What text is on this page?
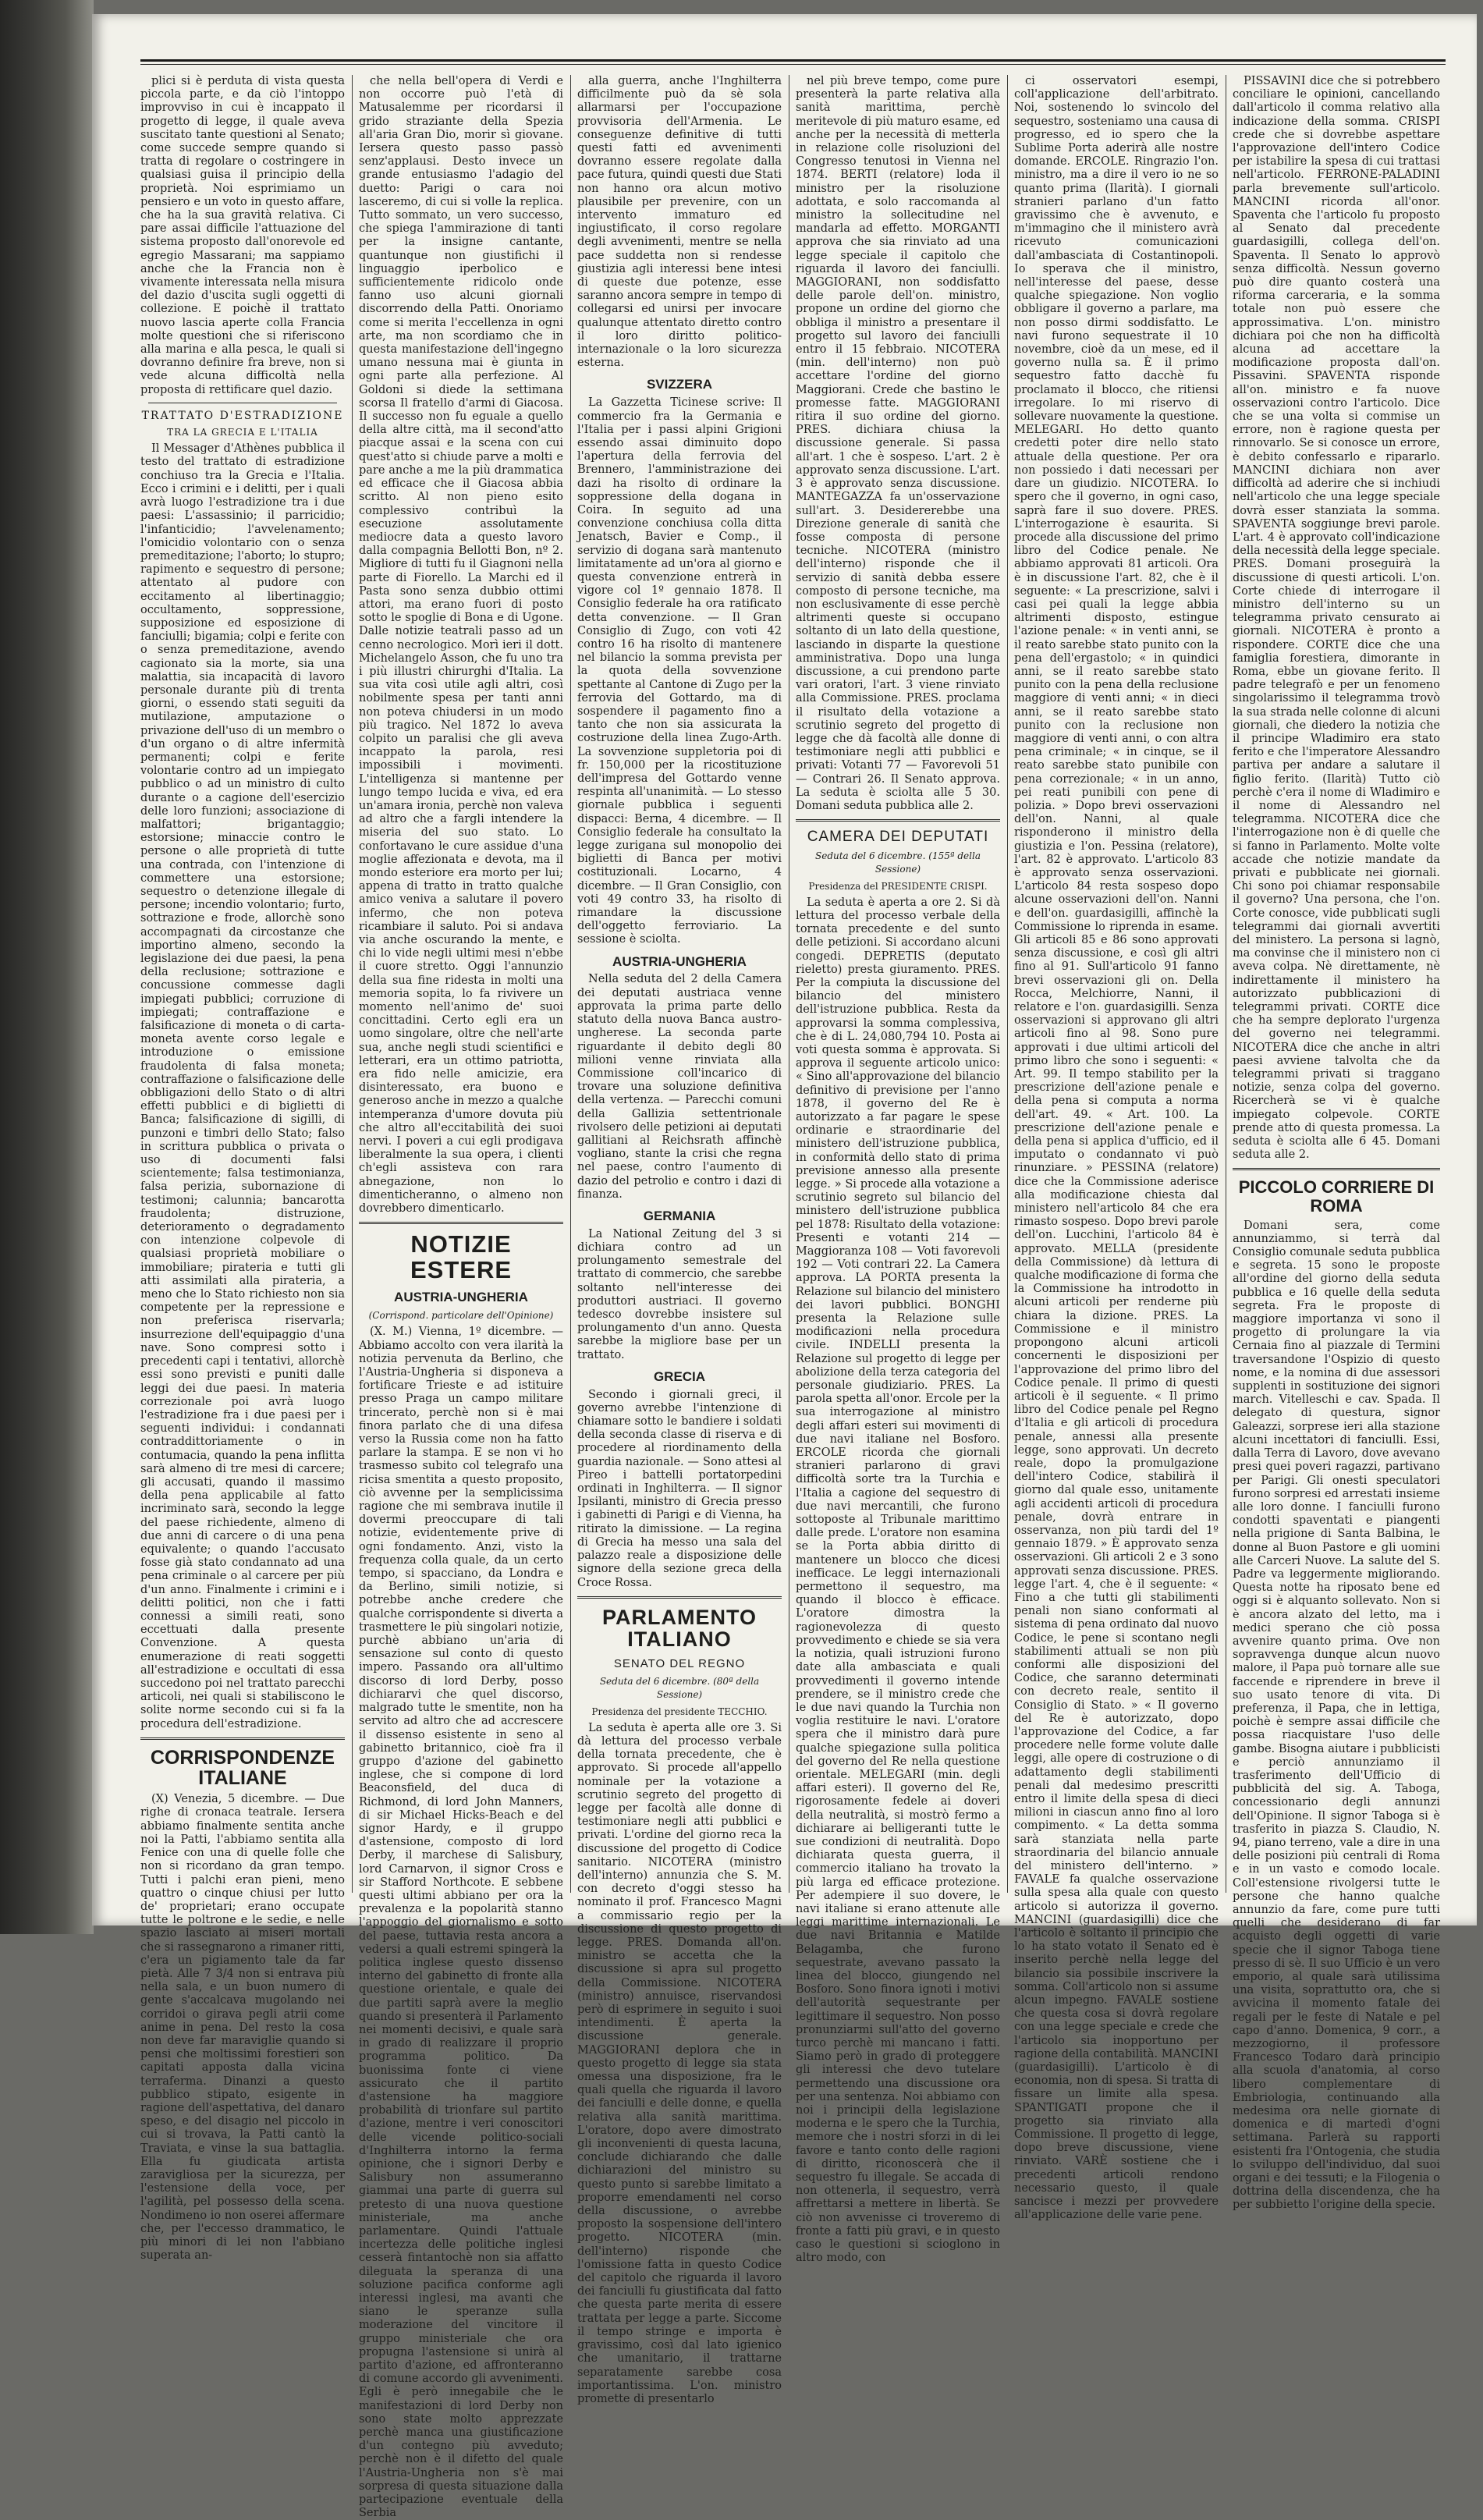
plici si è perduta di vista questa piccola parte, e da ciò l'intoppo improvviso in cui è incappato il progetto di legge, il quale aveva suscitato tante questioni al Senato; come succede sempre quando si tratta di regolare o costringere in qualsiasi guisa il principio della proprietà. Noi esprimiamo un pensiero e un voto in questo affare, che ha la sua gravità relativa. Ci pare assai difficile l'attuazione del sistema proposto dall'onorevole ed egregio Massarani; ma sappiamo anche che la Francia non è vivamente interessata nella misura del dazio d'uscita sugli oggetti di collezione. E poichè il trattato nuovo lascia aperte colla Francia molte questioni che si riferiscono alla marina e alla pesca, le quali si dovranno definire fra breve, non si vede alcuna difficoltà nella proposta di rettificare quel dazio.

TRATTATO D'ESTRADIZIONE
TRA LA GRECIA E L'ITALIA

Il Messager d'Athènes pubblica il testo del trattato di estradizione conchiuso tra la Grecia e l'Italia. Ecco i crimini e i delitti, per i quali avrà luogo l'estradizione tra i due paesi: L'assassinio; il parricidio; l'infanticidio; l'avvelenamento; l'omicidio volontario con o senza premeditazione; l'aborto; lo stupro; rapimento e sequestro di persone; attentato al pudore con eccitamento al libertinaggio; occultamento, soppressione, supposizione ed esposizione di fanciulli; bigamia; colpi e ferite con o senza premeditazione, avendo cagionato sia la morte, sia una malattia, sia incapacità di lavoro personale durante più di trenta giorni, o essendo stati seguiti da mutilazione, amputazione o privazione dell'uso di un membro o d'un organo o di altre infermità permanenti; colpi e ferite volontarie contro ad un impiegato pubblico o ad un ministro di culto durante o a cagione dell'esercizio delle loro funzioni; associazione di malfattori; brigantaggio; estorsione; minaccie contro le persone o alle proprietà di tutte una contrada, con l'intenzione di commettere una estorsione; sequestro o detenzione illegale di persone; incendio volontario; furto, sottrazione e frode, allorchè sono accompagnati da circostanze che importino almeno, secondo la legislazione dei due paesi, la pena della reclusione; sottrazione e concussione commesse dagli impiegati pubblici; corruzione di impiegati; contraffazione e falsificazione di moneta o di carta-moneta avente corso legale e introduzione o emissione fraudolenta di falsa moneta; contraffazione o falsificazione delle obbligazioni dello Stato o di altri effetti pubblici e di biglietti di Banca; falsificazione di sigilli, di punzoni e timbri dello Stato; falso in scrittura pubblica o privata o uso di documenti falsi scientemente; falsa testimonianza, falsa perizia, subornazione di testimoni; calunnia; bancarotta fraudolenta; distruzione, deterioramento o degradamento con intenzione colpevole di qualsiasi proprietà mobiliare o immobiliare; pirateria e tutti gli atti assimilati alla pirateria, a meno che lo Stato richiesto non sia competente per la repressione e non preferisca riservarla; insurrezione dell'equipaggio d'una nave. Sono compresi sotto i precedenti capi i tentativi, allorchè essi sono previsti e puniti dalle leggi dei due paesi. In materia correzionale poi avrà luogo l'estradizione fra i due paesi per i seguenti individui: i condannati contraddittoriamente o in contumacia, quando la pena inflitta sarà almeno di tre mesi di carcere; gli accusati, quando il massimo della pena applicabile al fatto incriminato sarà, secondo la legge del paese richiedente, almeno di due anni di carcere o di una pena equivalente; o quando l'accusato fosse già stato condannato ad una pena criminale o al carcere per più d'un anno. Finalmente i crimini e i delitti politici, non che i fatti connessi a simili reati, sono eccettuati dalla presente Convenzione. A questa enumerazione di reati soggetti all'estradizione e occultati di essa succedono poi nel trattato parecchi articoli, nei quali si stabiliscono le solite norme secondo cui si fa la procedura dell'estradizione.

CORRISPONDENZE ITALIANE

(X) Venezia, 5 dicembre. — Due righe di cronaca teatrale. Iersera abbiamo finalmente sentita anche noi la Patti, l'abbiamo sentita alla Fenice con una di quelle folle che non si ricordano da gran tempo. Tutti i palchi eran pieni, meno quattro o cinque chiusi per lutto de' proprietari; erano occupate tutte le poltrone e le sedie, e nelle spazio lasciato ai miseri mortali che si rassegnarono a rimaner ritti, c'era un pigiamento tale da far pietà. Alle 7 3/4 non si entrava più nella sala, e un buon numero di gente s'accalcava mugolando nei corridoi o girava pegli atrii come anime in pena. Del resto la cosa non deve far maraviglie quando si pensi che moltissimi forestieri son capitati apposta dalla vicina terraferma. Dinanzi a questo pubblico stipato, esigente in ragione dell'aspettativa, del danaro speso, e del disagio nel piccolo in cui si trovava, la Patti cantò la Traviata, e vinse la sua battaglia. Ella fu giudicata artista zaravigliosa per la sicurezza, per l'estensione della voce, per l'agilità, pel possesso della scena. Nondimeno io non oserei affermare che, per l'eccesso drammatico, le più minori di lei non l'abbiano superata an-

che nella bell'opera di Verdi e non occorre può l'età di Matusalemme per ricordarsi il grido straziante della Spezia all'aria Gran Dio, morir sì giovane. Iersera questo passo passò senz'applausi. Desto invece un grande entusiasmo l'adagio del duetto: Parigi o cara noi lasceremo, di cui si volle la replica. Tutto sommato, un vero successo, che spiega l'ammirazione di tanti per la insigne cantante, quantunque non giustifichi il linguaggio iperbolico e sufficientemente ridicolo onde fanno uso alcuni giornali discorrendo della Patti. Onoriamo come si merita l'eccellenza in ogni arte, ma non scordiamo che in questa manifestazione dell'ingegno umano nessuna mai è giunta in ogni parte alla perfezione. Al Goldoni si diede la settimana scorsa Il fratello d'armi di Giacosa. Il successo non fu eguale a quello della altre città, ma il second'atto piacque assai e la scena con cui quest'atto si chiude parve a molti e pare anche a me la più drammatica ed efficace che il Giacosa abbia scritto. Al non pieno esito complessivo contribuì la esecuzione assolutamente mediocre data a questo lavoro dalla compagnia Bellotti Bon, nº 2. Migliore di tutti fu il Giagnoni nella parte di Fiorello. La Marchi ed il Pasta sono senza dubbio ottimi attori, ma erano fuori di posto sotto le spoglie di Bona e di Ugone. Dalle notizie teatrali passo ad un cenno necrologico. Morì ieri il dott. Michelangelo Asson, che fu uno tra i più illustri chirurghi d'Italia. La sua vita così utile agli altri, così nobilmente spesa per tanti anni non poteva chiudersi in un modo più tragico. Nel 1872 lo aveva colpito un paralisi che gli aveva incappato la parola, resi impossibili i movimenti. L'intelligenza si mantenne per lungo tempo lucida e viva, ed era un'amara ironia, perchè non valeva ad altro che a fargli intendere la miseria del suo stato. Lo confortavano le cure assidue d'una moglie affezionata e devota, ma il mondo esteriore era morto per lui; appena di tratto in tratto qualche amico veniva a salutare il povero infermo, che non poteva ricambiare il saluto. Poi si andava via anche oscurando la mente, e chi lo vide negli ultimi mesi n'ebbe il cuore stretto. Oggi l'annunzio della sua fine ridesta in molti una memoria sopita, lo fa rivivere un momento nell'animo de' suoi concittadini. Certo egli era un uomo singolare, oltre che nell'arte sua, anche negli studi scientifici e letterari, era un ottimo patriotta, era fido nelle amicizie, era disinteressato, era buono e generoso anche in mezzo a qualche intemperanza d'umore dovuta più che altro all'eccitabilità dei suoi nervi. I poveri a cui egli prodigava liberalmente la sua opera, i clienti ch'egli assisteva con rara abnegazione, non lo dimenticheranno, o almeno non dovrebbero dimenticarlo.

NOTIZIE ESTERE
AUSTRIA-UNGHERIA
(Corrispond. particolare dell'Opinione)

(X. M.) Vienna, 1º dicembre. — Abbiamo accolto con vera ilarità la notizia pervenuta da Berlino, che l'Austria-Ungheria si disponeva a fortificare Trieste e ad istituire presso Praga un campo militare trincerato, perchè non si è mai finora parlato che di una difesa verso la Russia come non ha fatto parlare la stampa. E se non vi ho trasmesso subito col telegrafo una ricisa smentita a questo proposito, ciò avvenne per la semplicissima ragione che mi sembrava inutile il dovermi preoccupare di tali notizie, evidentemente prive di ogni fondamento. Anzi, visto la frequenza colla quale, da un certo tempo, si spacciano, da Londra e da Berlino, simili notizie, si potrebbe anche credere che qualche corrispondente si diverta a trasmettere le più singolari notizie, purchè abbiano un'aria di sensazione sul conto di questo impero. Passando ora all'ultimo discorso di lord Derby, posso dichiararvi che quel discorso, malgrado tutte le smentite, non ha servito ad altro che ad accrescere il dissenso esistente in seno al gabinetto britannico, cioè fra il gruppo d'azione del gabinetto inglese, che si compone di lord Beaconsfield, del duca di Richmond, di lord John Manners, di sir Michael Hicks-Beach e del signor Hardy, e il gruppo d'astensione, composto di lord Derby, il marchese di Salisbury, lord Carnarvon, il signor Cross e sir Stafford Northcote. E sebbene questi ultimi abbiano per ora la prevalenza e la popolarità stanno l'appoggio del giornalismo e sotto del paese, tuttavia resta ancora a vedersi a quali estremi spingerà la politica inglese questo dissenso interno del gabinetto di fronte alla questione orientale, e quale dei due partiti saprà avere la meglio quando si presenterà il Parlamento nei momenti decisivi, e quale sarà in grado di realizzare il proprio programma politico. Da buonissima fonte ci viene assicurato che il partito d'astensione ha maggiore probabilità di trionfare sul partito d'azione, mentre i veri conoscitori delle vicende politico-sociali d'Inghilterra intorno la ferma opinione, che i signori Derby e Salisbury non assumeranno giammai una parte di guerra sul pretesto di una nuova questione ministeriale, ma anche parlamentare. Quindi l'attuale incertezza delle politiche inglesi cesserà fintantochè non sia affatto dileguata la speranza di una soluzione pacifica conforme agli interessi inglesi, ma avanti che siano le speranze sulla moderazione del vincitore il gruppo ministeriale che ora propugna l'astensione si unirà al partito d'azione, ed affronteranno di comune accordo gli avvenimenti. Egli è però innegabile che le manifestazioni di lord Derby non sono state molto apprezzate perchè manca una giustificazione d'un contegno più avveduto; perchè non è il difetto del quale l'Austria-Ungheria non s'è mai sorpresa di questa situazione dalla partecipazione eventuale della Serbia

alla guerra, anche l'Inghilterra difficilmente può da sè sola allarmarsi per l'occupazione provvisoria dell'Armenia. Le conseguenze definitive di tutti questi fatti ed avvenimenti dovranno essere regolate dalla pace futura, quindi questi due Stati non hanno ora alcun motivo plausibile per prevenire, con un intervento immaturo ed ingiustificato, il corso regolare degli avvenimenti, mentre se nella pace suddetta non si rendesse giustizia agli interessi bene intesi di queste due potenze, esse saranno ancora sempre in tempo di collegarsi ed unirsi per invocare qualunque attentato diretto contro il loro diritto politico-internazionale o la loro sicurezza esterna.

SVIZZERA

La Gazzetta Ticinese scrive: Il commercio fra la Germania e l'Italia per i passi alpini Grigioni essendo assai diminuito dopo l'apertura della ferrovia del Brennero, l'amministrazione dei dazi ha risolto di ordinare la soppressione della dogana in Coira. In seguito ad una convenzione conchiusa colla ditta Jenatsch, Bavier e Comp., il servizio di dogana sarà mantenuto limitatamente ad un'ora al giorno e questa convenzione entrerà in vigore col 1º gennaio 1878. Il Consiglio federale ha ora ratificato detta convenzione. — Il Gran Consiglio di Zugo, con voti 42 contro 16 ha risolto di mantenere nel bilancio la somma prevista per la quota della sovvenzione spettante al Cantone di Zugo per la ferrovia del Gottardo, ma di sospendere il pagamento fino a tanto che non sia assicurata la costruzione della linea Zugo-Arth. La sovvenzione suppletoria poi di fr. 150,000 per la ricostituzione dell'impresa del Gottardo venne respinta all'unanimità. — Lo stesso giornale pubblica i seguenti dispacci: Berna, 4 dicembre. — Il Consiglio federale ha consultato la legge zurigana sul monopolio dei biglietti di Banca per motivi costituzionali. Locarno, 4 dicembre. — Il Gran Consiglio, con voti 49 contro 33, ha risolto di rimandare la discussione dell'oggetto ferroviario. La sessione è sciolta.

AUSTRIA-UNGHERIA

Nella seduta del 2 della Camera dei deputati austriaca venne approvata la prima parte dello statuto della nuova Banca austro-ungherese. La seconda parte riguardante il debito degli 80 milioni venne rinviata alla Commissione coll'incarico di trovare una soluzione definitiva della vertenza. — Parecchi comuni della Gallizia settentrionale rivolsero delle petizioni ai deputati gallitiani al Reichsrath affinchè vogliano, stante la crisi che regna nel paese, contro l'aumento di dazio del petrolio e contro i dazi di finanza.

GERMANIA

La National Zeitung del 3 si dichiara contro ad un prolungamento semestrale del trattato di commercio, che sarebbe soltanto nell'interesse dei produttori austriaci. Il governo tedesco dovrebbe insistere sul prolungamento d'un anno. Questa sarebbe la migliore base per un trattato.

GRECIA

Secondo i giornali greci, il governo avrebbe l'intenzione di chiamare sotto le bandiere i soldati della seconda classe di riserva e di procedere al riordinamento della guardia nazionale. — Sono attesi al Pireo i battelli portatorpedini ordinati in Inghilterra. — Il signor Ipsilanti, ministro di Grecia presso i gabinetti di Parigi e di Vienna, ha ritirato la dimissione. — La regina di Grecia ha messo una sala del palazzo reale a disposizione delle signore della sezione greca della Croce Rossa.

PARLAMENTO ITALIANO
SENATO DEL REGNO
Seduta del 6 dicembre. (80ª della Sessione)
Presidenza del presidente TECCHIO.

La seduta è aperta alle ore 3. Si dà lettura del processo verbale della tornata precedente, che è approvato. Si procede all'appello nominale per la votazione a scrutinio segreto del progetto di legge per facoltà alle donne di testimoniare negli atti pubblici e privati. L'ordine del giorno reca la discussione del progetto di Codice sanitario. NICOTERA (ministro dell'interno) annunzia che S. M. con decreto d'oggi stesso ha nominato il prof. Francesco Magni a commissario regio per la discussione di questo progetto di legge. PRES. Domanda all'on. ministro se accetta che la discussione si apra sul progetto della Commissione. NICOTERA (ministro) annuisce, riservandosi però di esprimere in seguito i suoi intendimenti. È aperta la discussione generale. MAGGIORANI deplora che in questo progetto di legge sia stata omessa una disposizione, fra le quali quella che riguarda il lavoro dei fanciulli e delle donne, e quella relativa alla sanità marittima. L'oratore, dopo avere dimostrato gli inconvenienti di questa lacuna, conclude dichiarando che dalle dichiarazioni del ministro su questo punto si sarebbe limitato a proporre emendamenti nel corso della discussione, o avrebbe proposto la sospensione dell'intero progetto. NICOTERA (min. dell'interno) risponde che l'omissione fatta in questo Codice del capitolo che riguarda il lavoro dei fanciulli fu giustificata dal fatto che questa parte merita di essere trattata per legge a parte. Siccome il tempo stringe e importa è gravissimo, così dal lato igienico che umanitario, il trattarne separatamente sarebbe cosa importantissima. L'on. ministro promette di presentarlo

nel più breve tempo, come pure presenterà la parte relativa alla sanità marittima, perchè meritevole di più maturo esame, ed anche per la necessità di metterla in relazione colle risoluzioni del Congresso tenutosi in Vienna nel 1874. BERTI (relatore) loda il ministro per la risoluzione adottata, e solo raccomanda al ministro la sollecitudine nel mandarla ad effetto. MORGANTI approva che sia rinviato ad una legge speciale il capitolo che riguarda il lavoro dei fanciulli. MAGGIORANI, non soddisfatto delle parole dell'on. ministro, propone un ordine del giorno che obbliga il ministro a presentare il progetto sul lavoro dei fanciulli entro il 15 febbraio. NICOTERA (min. dell'interno) non può accettare l'ordine del giorno Maggiorani. Crede che bastino le promesse fatte. MAGGIORANI ritira il suo ordine del giorno. PRES. dichiara chiusa la discussione generale. Si passa all'art. 1 che è sospeso. L'art. 2 è approvato senza discussione. L'art. 3 è approvato senza discussione. MANTEGAZZA fa un'osservazione sull'art. 3. Desidererebbe una Direzione generale di sanità che fosse composta di persone tecniche. NICOTERA (ministro dell'interno) risponde che il servizio di sanità debba essere composto di persone tecniche, ma non esclusivamente di esse perchè altrimenti queste si occupano soltanto di un lato della questione, lasciando in disparte la questione amministrativa. Dopo una lunga discussione, a cui prendono parte vari oratori, l'art. 3 viene rinviato alla Commissione. PRES. proclama il risultato della votazione a scrutinio segreto del progetto di legge che dà facoltà alle donne di testimoniare negli atti pubblici e privati: Votanti 77 — Favorevoli 51 — Contrari 26. Il Senato approva. La seduta è sciolta alle 5 30. Domani seduta pubblica alle 2.

CAMERA DEI DEPUTATI
Seduta del 6 dicembre. (155ª della Sessione)
Presidenza del PRESIDENTE CRISPI.

La seduta è aperta a ore 2. Si dà lettura del processo verbale della tornata precedente e del sunto delle petizioni. Si accordano alcuni congedi. DEPRETIS (deputato rieletto) presta giuramento. PRES. Per la compiuta la discussione del bilancio del ministero dell'istruzione pubblica. Resta da approvarsi la somma complessiva, che è di L. 24,080,794 10. Posta ai voti questa somma è approvata. Si approva il seguente articolo unico: « Sino all'approvazione del bilancio definitivo di previsione per l'anno 1878, il governo del Re è autorizzato a far pagare le spese ordinarie e straordinarie del ministero dell'istruzione pubblica, in conformità dello stato di prima previsione annesso alla presente legge. » Si procede alla votazione a scrutinio segreto sul bilancio del ministero dell'istruzione pubblica pel 1878: Risultato della votazione: Presenti e votanti 214 — Maggioranza 108 — Voti favorevoli 192 — Voti contrari 22. La Camera approva. LA PORTA presenta la Relazione sul bilancio del ministero dei lavori pubblici. BONGHI presenta la Relazione sulle modificazioni nella procedura civile. INDELLI presenta la Relazione sul progetto di legge per abolizione della terza categoria del personale giudiziario. PRES. La parola spetta all'onor. Ercole per la sua interrogazione al ministro degli affari esteri sui movimenti di due navi italiane nel Bosforo. ERCOLE ricorda che giornali stranieri parlarono di gravi difficoltà sorte tra la Turchia e l'Italia a cagione del sequestro di due navi mercantili, che furono sottoposte al Tribunale marittimo dalle prede. L'oratore non esamina se la Porta abbia diritto di mantenere un blocco che dicesi inefficace. Le leggi internazionali permettono il sequestro, ma quando il blocco è efficace. L'oratore dimostra la ragionevolezza di questo provvedimento e chiede se sia vera la notizia, quali istruzioni furono date alla ambasciata e quali provvedimenti il governo intende prendere, se il ministro crede che le due navi quando la Turchia non voglia restituire le navi. L'oratore spera che il ministro darà pure qualche spiegazione sulla politica del governo del Re nella questione orientale. MELEGARI (min. degli affari esteri). Il governo del Re, rigorosamente fedele ai doveri della neutralità, si mostrò fermo a dichiarare ai belligeranti tutte le sue condizioni di neutralità. Dopo dichiarata questa guerra, il commercio italiano ha trovato la più larga ed efficace protezione. Per adempiere il suo dovere, le navi italiane si erano attenute alle leggi marittime internazionali. Le due navi Britannia e Matilde Belagamba, che furono sequestrate, avevano passato la linea del blocco, giungendo nel Bosforo. Sono finora ignoti i motivi dell'autorità sequestrante per legittimare il sequestro. Non posso pronunziarmi sull'atto del governo turco perchè mi mancano i fatti. Siamo però in grado di proteggere gli interessi che devo tutelare permettendo una discussione ora per una sentenza. Noi abbiamo con noi i principii della legislazione moderna e le spero che la Turchia, memore che i nostri sforzi in di lei favore e tanto conto delle ragioni di diritto, riconoscerà che il sequestro fu illegale. Se accada di non ottenerla, il sequestro, verrà affrettarsi a mettere in libertà. Se ciò non avvenisse ci troveremo di fronte a fatti più gravi, e in questo caso le questioni si scioglono in altro modo, con

ci osservatori esempi, coll'applicazione dell'arbitrato. Noi, sostenendo lo svincolo del sequestro, sosteniamo una causa di progresso, ed io spero che la Sublime Porta aderirà alle nostre domande. ERCOLE. Ringrazio l'on. ministro, ma a dire il vero io ne so quanto prima (Ilarità). I giornali stranieri parlano d'un fatto gravissimo che è avvenuto, e m'immagino che il ministero avrà ricevuto comunicazioni dall'ambasciata di Costantinopoli. Io sperava che il ministro, nell'interesse del paese, desse qualche spiegazione. Non voglio obbligare il governo a parlare, ma non posso dirmi soddisfatto. Le navi furono sequestrate il 10 novembre, cioè da un mese, ed il governo nulla sa. È il primo sequestro fatto dacchè fu proclamato il blocco, che ritiensi irregolare. Io mi riservo di sollevare nuovamente la questione. MELEGARI. Ho detto quanto credetti poter dire nello stato attuale della questione. Per ora non possiedo i dati necessari per dare un giudizio. NICOTERA. Io spero che il governo, in ogni caso, saprà fare il suo dovere. PRES. L'interrogazione è esaurita. Si procede alla discussione del primo libro del Codice penale. Ne abbiamo approvati 81 articoli. Ora è in discussione l'art. 82, che è il seguente: « La prescrizione, salvi i casi pei quali la legge abbia altrimenti disposto, estingue l'azione penale: « in venti anni, se il reato sarebbe stato punito con la pena dell'ergastolo; « in quindici anni, se il reato sarebbe stato punito con la pena della reclusione maggiore di venti anni; « in dieci anni, se il reato sarebbe stato punito con la reclusione non maggiore di venti anni, o con altra pena criminale; « in cinque, se il reato sarebbe stato punibile con pena correzionale; « in un anno, pei reati punibili con pene di polizia. » Dopo brevi osservazioni dell'on. Nanni, al quale risponderono il ministro della giustizia e l'on. Pessina (relatore), l'art. 82 è approvato. L'articolo 83 è approvato senza osservazioni. L'articolo 84 resta sospeso dopo alcune osservazioni dell'on. Nanni e dell'on. guardasigilli, affinchè la Commissione lo riprenda in esame. Gli articoli 85 e 86 sono approvati senza discussione, e così gli altri fino al 91. Sull'articolo 91 fanno brevi osservazioni gli on. Della Rocca, Melchiorre, Nanni, il relatore e l'on. guardasigilli. Senza osservazioni si approvano gli altri articoli fino al 98. Sono pure approvati i due ultimi articoli del primo libro che sono i seguenti: « Art. 99. Il tempo stabilito per la prescrizione dell'azione penale e della pena si computa a norma dell'art. 49. « Art. 100. La prescrizione dell'azione penale e della pena si applica d'ufficio, ed il imputato o condannato vi può rinunziare. » PESSINA (relatore) dice che la Commissione aderisce alla modificazione chiesta dal ministero nell'articolo 84 che era rimasto sospeso. Dopo brevi parole dell'on. Lucchini, l'articolo 84 è approvato. MELLA (presidente della Commissione) dà lettura di qualche modificazione di forma che la Commissione ha introdotto in alcuni articoli per renderne più chiara la dizione. PRES. La Commissione e il ministro propongono alcuni articoli concernenti le disposizioni per l'approvazione del primo libro del Codice penale. Il primo di questi articoli è il seguente. « Il primo libro del Codice penale pel Regno d'Italia e gli articoli di procedura penale, annessi alla presente legge, sono approvati. Un decreto reale, dopo la promulgazione dell'intero Codice, stabilirà il giorno dal quale esso, unitamente agli accidenti articoli di procedura penale, dovrà entrare in osservanza, non più tardi del 1º gennaio 1879. » È approvato senza osservazioni. Gli articoli 2 e 3 sono approvati senza discussione. PRES. legge l'art. 4, che è il seguente: « Fino a che tutti gli stabilimenti penali non siano conformati al sistema di pena ordinato dal nuovo Codice, le pene si scontano negli stabilimenti attuali se non più conformi alle disposizioni del Codice, che saranno determinati con decreto reale, sentito il Consiglio di Stato. » « Il governo del Re è autorizzato, dopo l'approvazione del Codice, a far procedere nelle forme volute dalle leggi, alle opere di costruzione o di adattamento degli stabilimenti penali dal medesimo prescritti entro il limite della spesa di dieci milioni in ciascun anno fino al loro compimento. « La detta somma sarà stanziata nella parte straordinaria del bilancio annuale del ministero dell'interno. » FAVALE fa qualche osservazione sulla spesa alla quale con questo articolo si autorizza il governo. MANCINI (guardasigilli) dice che l'articolo è soltanto il principio che lo ha stato votato il Senato ed è inserito perchè nella legge del bilancio sia possibile inscrivere la somma. Coll'articolo non si assume alcun impegno. FAVALE sostiene che questa cosa si dovrà regolare con una legge speciale e crede che l'articolo sia inopportuno per ragione della contabilità. MANCINI (guardasigilli). L'articolo è di economia, non di spesa. Si tratta di fissare un limite alla spesa. SPANTIGATI propone che il progetto sia rinviato alla Commissione. Il progetto di legge, dopo breve discussione, viene rinviato. VARÈ sostiene che i precedenti articoli rendono necessario questo, il quale sancisce i mezzi per provvedere all'applicazione delle varie pene.

PISSAVINI dice che si potrebbero conciliare le opinioni, cancellando dall'articolo il comma relativo alla indicazione della somma. CRISPI crede che si dovrebbe aspettare l'approvazione dell'intero Codice per istabilire la spesa di cui trattasi nell'articolo. FERRONE-PALADINI parla brevemente sull'articolo. MANCINI ricorda all'onor. Spaventa che l'articolo fu proposto al Senato dal precedente guardasigilli, collega dell'on. Spaventa. Il Senato lo approvò senza difficoltà. Nessun governo può dire quanto costerà una riforma carceraria, e la somma totale non può essere che approssimativa. L'on. ministro dichiara poi che non ha difficoltà alcuna ad accettare la modificazione proposta dall'on. Pissavini. SPAVENTA risponde all'on. ministro e fa nuove osservazioni contro l'articolo. Dice che se una volta si commise un errore, non è ragione questa per rinnovarlo. Se si conosce un errore, è debito confessarlo e ripararlo. MANCINI dichiara non aver difficoltà ad aderire che si inchiudi nell'articolo che una legge speciale dovrà esser stanziata la somma. SPAVENTA soggiunge brevi parole. L'art. 4 è approvato coll'indicazione della necessità della legge speciale. PRES. Domani proseguirà la discussione di questi articoli. L'on. Corte chiede di interrogare il ministro dell'interno su un telegramma privato censurato ai giornali. NICOTERA è pronto a rispondere. CORTE dice che una famiglia forestiera, dimorante in Roma, ebbe un giovane ferito. Il padre telegrafò e per un fenomeno singolarissimo il telegramma trovò la sua strada nelle colonne di alcuni giornali, che diedero la notizia che il principe Wladimiro era stato ferito e che l'imperatore Alessandro partiva per andare a salutare il figlio ferito. (Ilarità) Tutto ciò perchè c'era il nome di Wladimiro e il nome di Alessandro nel telegramma. NICOTERA dice che l'interrogazione non è di quelle che si fanno in Parlamento. Molte volte accade che notizie mandate da privati e pubblicate nei giornali. Chi sono poi chiamar responsabile il governo? Una persona, che l'on. Corte conosce, vide pubblicati sugli telegrammi dai giornali avvertiti del ministero. La persona si lagnò, ma convinse che il ministero non ci aveva colpa. Nè direttamente, nè indirettamente il ministero ha autorizzato pubblicazioni di telegrammi privati. CORTE dice che ha sempre deplorato l'urgenza del governo nei telegrammi. NICOTERA dice che anche in altri paesi avviene talvolta che da telegrammi privati si traggano notizie, senza colpa del governo. Ricercherà se vi è qualche impiegato colpevole. CORTE prende atto di questa promessa. La seduta è sciolta alle 6 45. Domani seduta alle 2.

PICCOLO CORRIERE DI ROMA

Domani sera, come annunziammo, si terrà dal Consiglio comunale seduta pubblica e segreta. 15 sono le proposte all'ordine del giorno della seduta pubblica e 16 quelle della seduta segreta. Fra le proposte di maggiore importanza vi sono il progetto di prolungare la via Cernaia fino al piazzale di Termini traversandone l'Ospizio di questo nome, e la nomina di due assessori supplenti in sostituzione dei signori march. Vitelleschi e cav. Spada. Il delegato di questura, signor Galeazzi, sorprese ieri alla stazione alcuni incettatori di fanciulli. Essi, dalla Terra di Lavoro, dove avevano presi quei poveri ragazzi, partivano per Parigi. Gli onesti speculatori furono sorpresi ed arrestati insieme alle loro donne. I fanciulli furono condotti spaventati e piangenti nella prigione di Santa Balbina, le donne al Buon Pastore e gli uomini alle Carceri Nuove. La salute del S. Padre va leggermente migliorando. Questa notte ha riposato bene ed oggi si è alquanto sollevato. Non si è ancora alzato del letto, ma i medici sperano che ciò possa avvenire quanto prima. Ove non sopravvenga dunque alcun nuovo malore, il Papa può tornare alle sue faccende e riprendere in breve il suo usato tenore di vita. Di preferenza, il Papa, che in lettiga, poichè è sempre assai difficile che possa riacquistare l'uso delle gambe. Bisogna aiutare i pubblicisti e perciò annunziamo il trasferimento dell'Ufficio di pubblicità del sig. A. Taboga, concessionario degli annunzi dell'Opinione. Il signor Taboga si è trasferito in piazza S. Claudio, N. 94, piano terreno, vale a dire in una delle posizioni più centrali di Roma e in un vasto e comodo locale. Coll'estensione rivolgersi tutte le persone che hanno qualche annunzio da fare, come pure tutti quelli che desiderano di far acquisto degli oggetti di varie specie che il signor Taboga tiene presso di sè. Il suo Ufficio è un vero emporio, al quale sarà utilissima una visita, soprattutto ora, che si avvicina il momento fatale dei regali per le feste di Natale e pel capo d'anno. Domenica, 9 corr., a mezzogiorno, il professore Francesco Todaro darà principio alla scuola d'anatomia, al corso libero complementare di Embriologia, continuando alla medesima ora nelle giornate di domenica e di martedì d'ogni settimana. Parlerà su rapporti esistenti fra l'Ontogenia, che studia lo sviluppo dell'individuo, dal suoi organi e dei tessuti; e la Filogenia o dottrina della discendenza, che ha per subbietto l'origine della specie.
